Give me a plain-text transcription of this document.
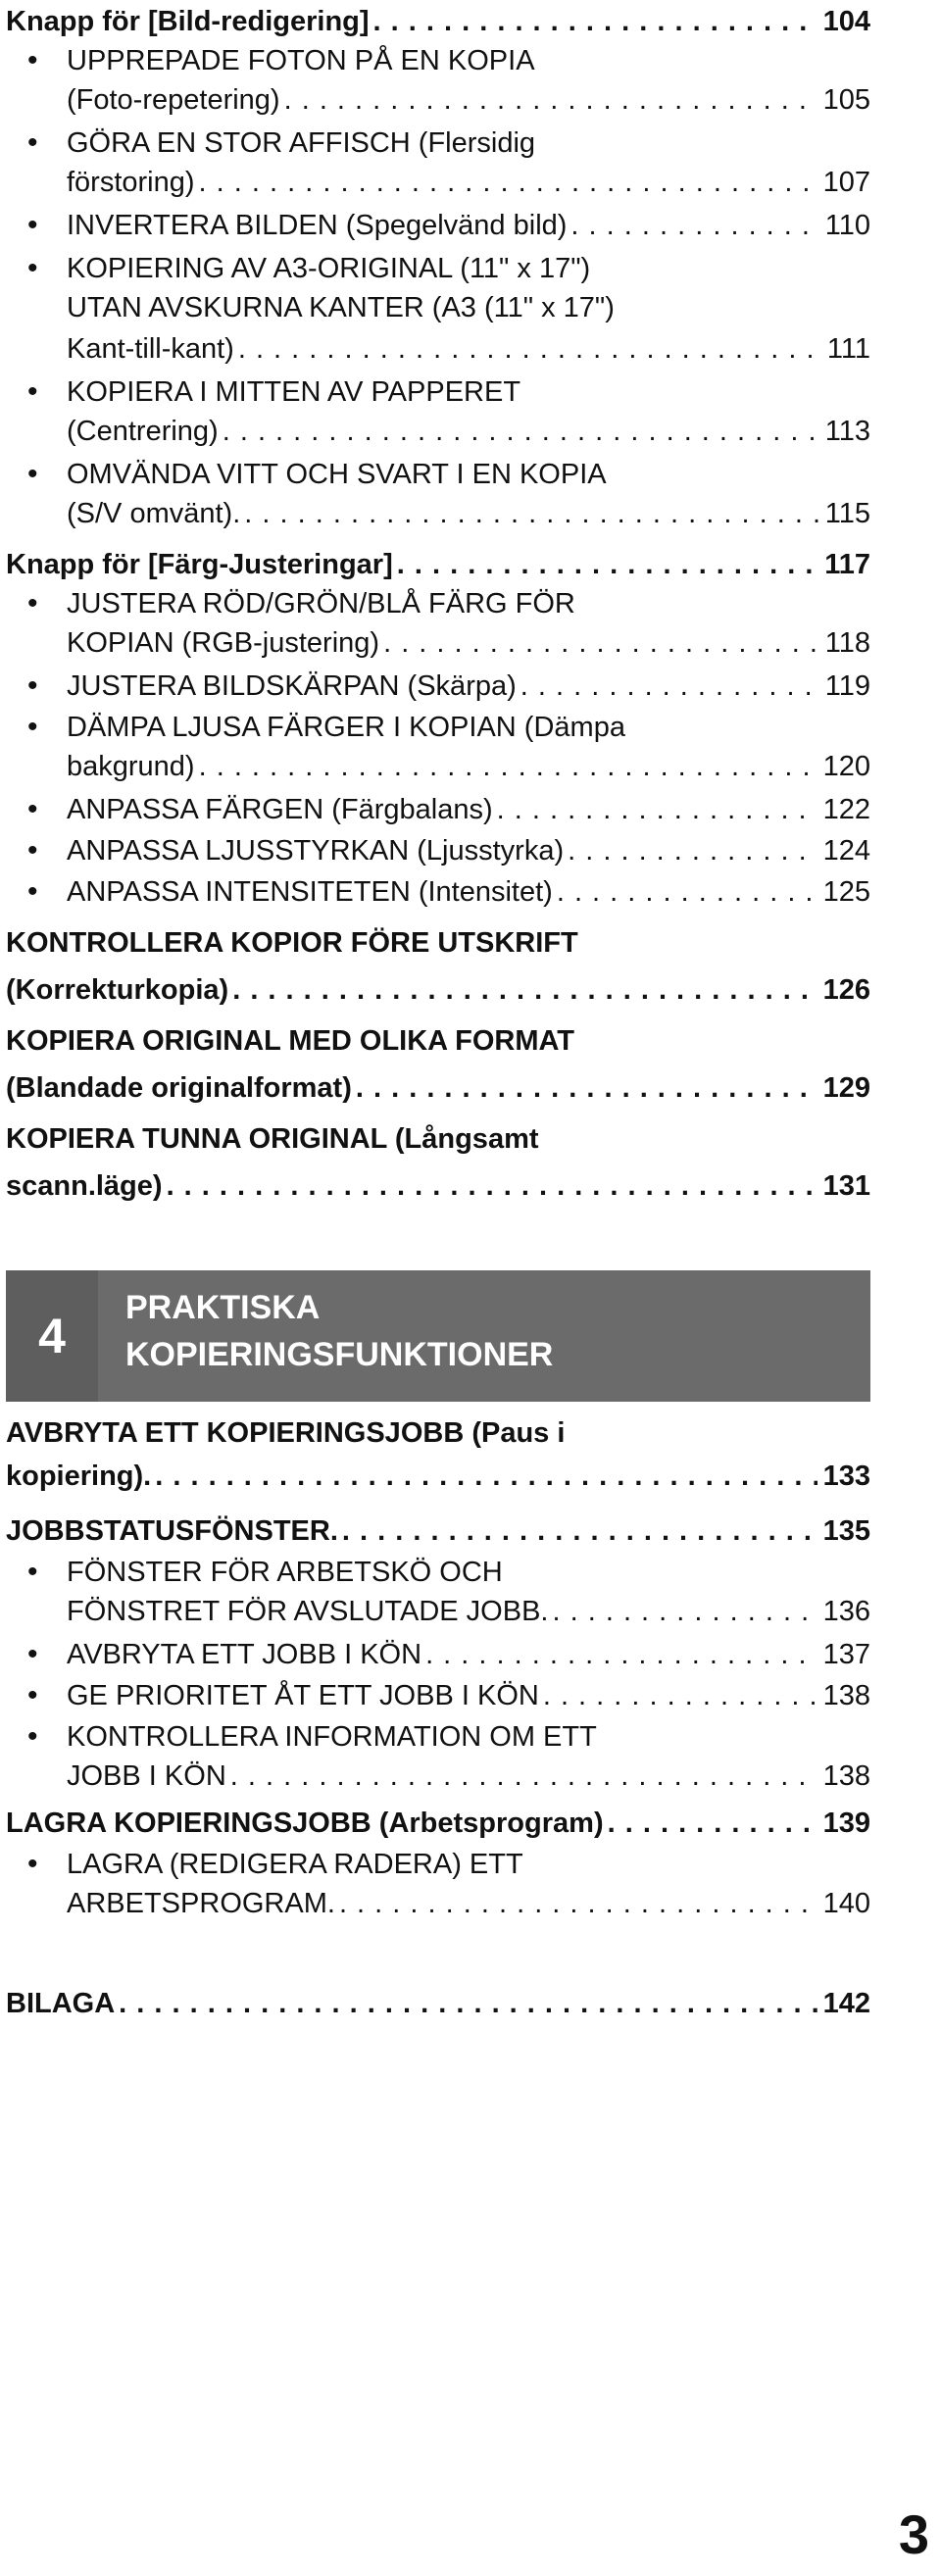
Knapp för [Bild-redigering] . . .	104
• UPPREPADE FOTON PÅ EN KOPIA
(Foto-repetering) . . .	105
• GÖRA EN STOR AFFISCH (Flersidig
förstoring) . . .	107
• INVERTERA BILDEN (Spegelvänd bild) . . .	110
• KOPIERING AV A3-ORIGINAL (11" x 17")
UTAN AVSKURNA KANTER (A3 (11" x 17")
Kant-till-kant) . . .	111
• KOPIERA I MITTEN AV PAPPERET
(Centrering) . . .	113
• OMVÄNDA VITT OCH SVART I EN KOPIA
(S/V omvänt). . . .	115
Knapp för [Färg-Justeringar] . . .	117
• JUSTERA RÖD/GRÖN/BLÅ FÄRG FÖR
KOPIAN (RGB-justering) . . .	118
• JUSTERA BILDSKÄRPAN (Skärpa) . . .	119
• DÄMPA LJUSA FÄRGER I KOPIAN (Dämpa
bakgrund) . . .	120
• ANPASSA FÄRGEN (Färgbalans) . . .	122
• ANPASSA LJUSSTYRKAN (Ljusstyrka) . . .	124
• ANPASSA INTENSITETEN (Intensitet) . . .	125
KONTROLLERA KOPIOR FÖRE UTSKRIFT
(Korrekturkopia) . . .	126
KOPIERA ORIGINAL MED OLIKA FORMAT
(Blandade originalformat) . . .	129
KOPIERA TUNNA ORIGINAL (Långsamt
scann.läge) . . .	131
4
PRAKTISKA
KOPIERINGSFUNKTIONER
AVBRYTA ETT KOPIERINGSJOBB (Paus i
kopiering). . . .	133
JOBBSTATUSFÖNSTER. . . .	135
• FÖNSTER FÖR ARBETSKÖ OCH
FÖNSTRET FÖR AVSLUTADE JOBB. . . .	136
• AVBRYTA ETT JOBB I KÖN . . .	137
• GE PRIORITET ÅT ETT JOBB I KÖN . . .	138
• KONTROLLERA INFORMATION OM ETT
JOBB I KÖN . . .	138
LAGRA KOPIERINGSJOBB (Arbetsprogram) . . .	139
• LAGRA (REDIGERA RADERA) ETT
ARBETSPROGRAM. . . .	140
BILAGA . . .	142
3
